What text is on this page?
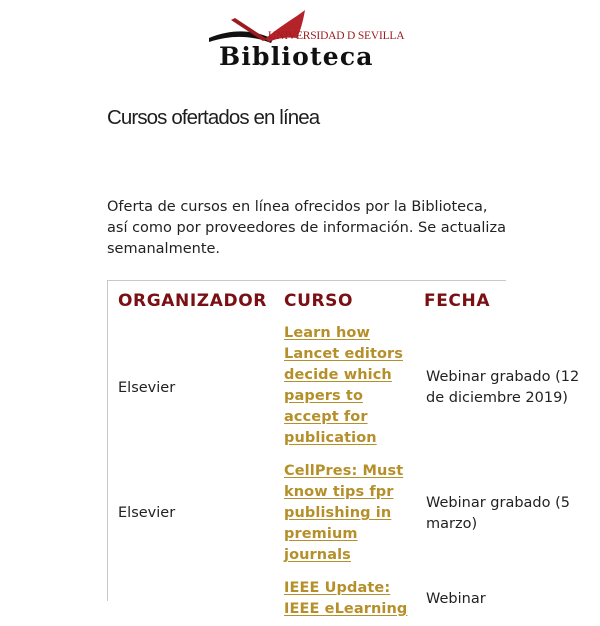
UNIVERSIDAD D SEVILLA
Biblioteca
Cursos ofertados en línea

Oferta de cursos en línea ofrecidos por la Biblioteca, así como por proveedores de información. Se actualiza semanalmente.

ORGANIZADOR	CURSO	FECHA
Elsevier	Learn how Lancet editors decide which papers to accept for publication	Webinar grabado (12 de diciembre 2019)
Elsevier	CellPres: Must know tips fpr publishing in premium journals	Webinar grabado (5 marzo)
	IEEE Update: IEEE eLearning	Webinar
